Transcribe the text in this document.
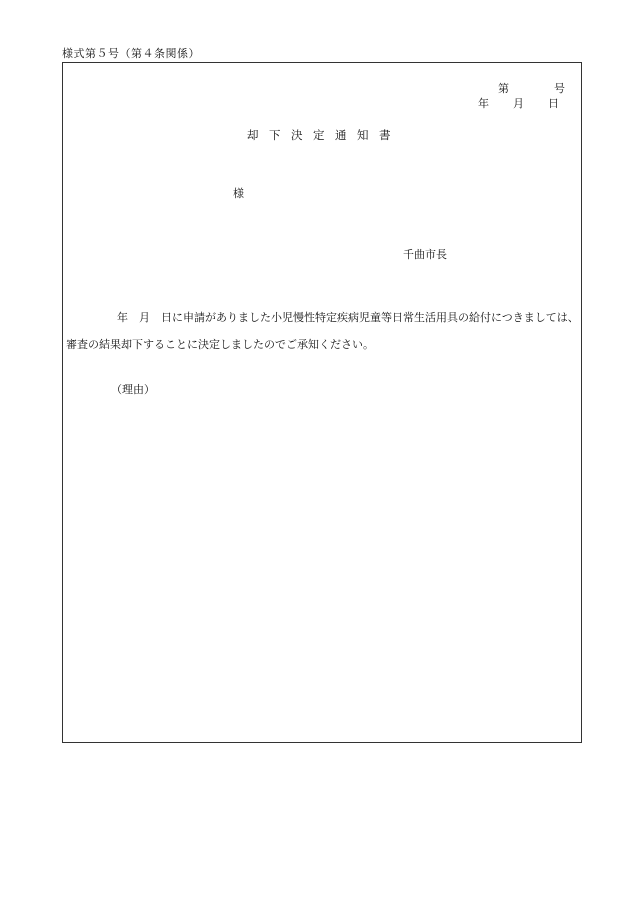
様式第５号（第４条関係）
第	号
年 月 日
却下決定通知書
様
千曲市長
年　月　日に申請がありました小児慢性特定疾病児童等日常生活用具の給付につきましては、審査の結果却下することに決定しましたのでご承知ください。
（理由）
